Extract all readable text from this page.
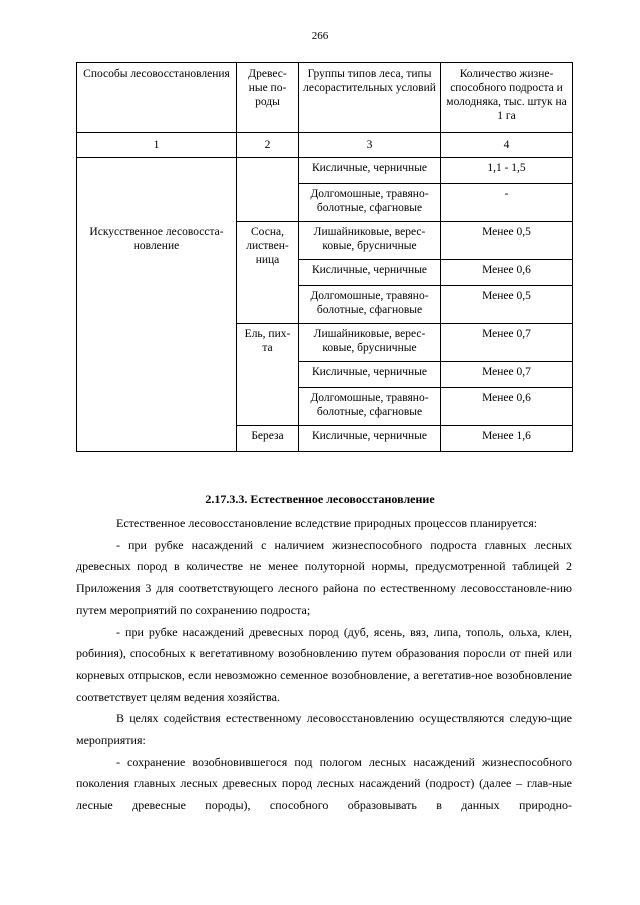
266
Способы лесовосстановления	Древес-ные по-роды	Группы типов леса, типы лесорастительных условий	Количество жизне-способного подроста и молодняка, тыс. штук на 1 га
1	2	3	4
		Кисличные, черничные	1,1 - 1,5
		Долгомошные, травяно-болотные, сфагновые	-
Искусственное лесовосста-новление	Сосна, листвен-ница	Лишайниковые, верес-ковые, брусничные	Менее 0,5
		Кисличные, черничные	Менее 0,6
		Долгомошные, травяно-болотные, сфагновые	Менее 0,5
	Ель, пих-та	Лишайниковые, верес-ковые, брусничные	Менее 0,7
		Кисличные, черничные	Менее 0,7
		Долгомошные, травяно-болотные, сфагновые	Менее 0,6
	Береза	Кисличные, черничные	Менее 1,6
2.17.3.3. Естественное лесовосстановление

Естественное лесовосстановление вследствие природных процессов планируется:

- при рубке насаждений с наличием жизнеспособного подроста главных лесных древесных пород в количестве не менее полуторной нормы, предусмотренной таблицей 2 Приложения 3 для соответствующего лесного района по естественному лесовосстановле-нию путем мероприятий по сохранению подроста;

- при рубке насаждений древесных пород (дуб, ясень, вяз, липа, тополь, ольха, клен, робиния), способных к вегетативному возобновлению путем образования поросли от пней или корневых отпрысков, если невозможно семенное возобновление, а вегетатив-ное возобновление соответствует целям ведения хозяйства.

В целях содействия естественному лесовосстановлению осуществляются следую-щие мероприятия:

- сохранение возобновившегося под пологом лесных насаждений жизнеспособного поколения главных лесных древесных пород лесных насаждений (подрост) (далее – глав-ные лесные древесные породы), способного образовывать в данных природно-
